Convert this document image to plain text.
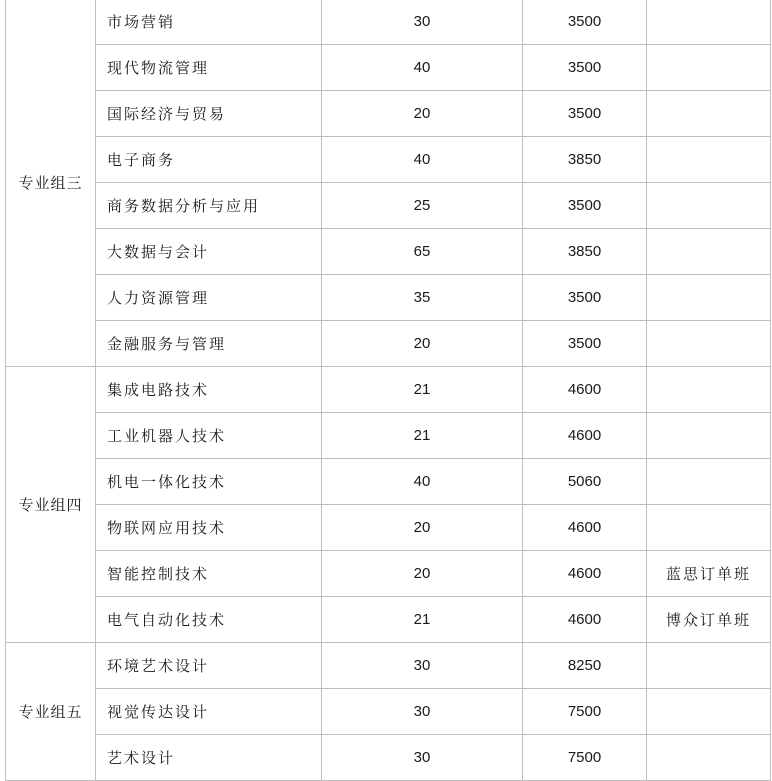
专业组三	市场营销	30	3500	
	现代物流管理	40	3500	
	国际经济与贸易	20	3500	
	电子商务	40	3850	
	商务数据分析与应用	25	3500	
	大数据与会计	65	3850	
	人力资源管理	35	3500	
	金融服务与管理	20	3500	
专业组四	集成电路技术	21	4600	
	工业机器人技术	21	4600	
	机电一体化技术	40	5060	
	物联网应用技术	20	4600	
	智能控制技术	20	4600	蓝思订单班
	电气自动化技术	21	4600	博众订单班
专业组五	环境艺术设计	30	8250	
	视觉传达设计	30	7500	
	艺术设计	30	7500	
